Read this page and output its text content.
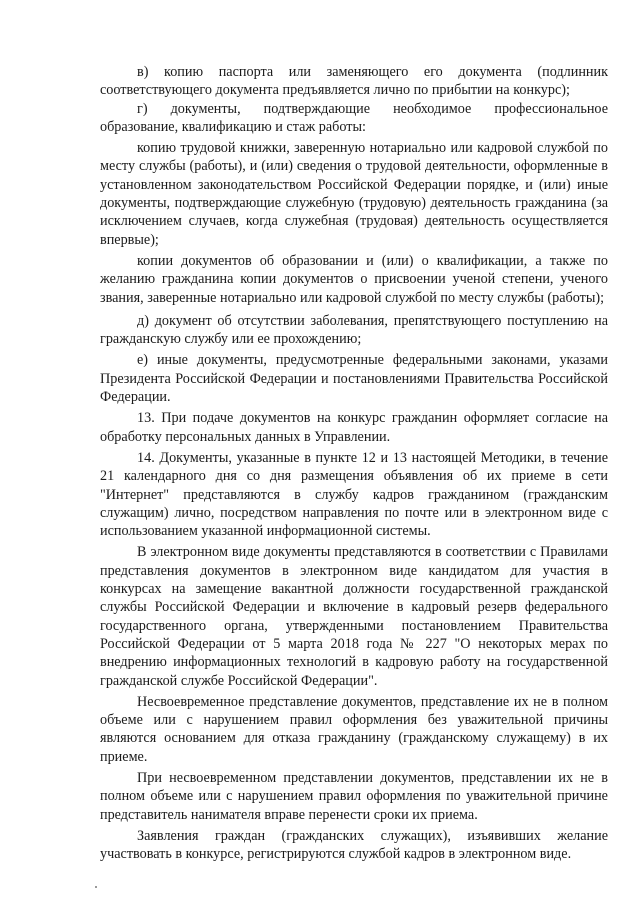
в) копию паспорта или заменяющего его документа (подлинник соответствующего документа предъявляется лично по прибытии на конкурс);

г) документы, подтверждающие необходимое профессиональное образование, квалификацию и стаж работы:

копию трудовой книжки, заверенную нотариально или кадровой службой по месту службы (работы), и (или) сведения о трудовой деятельности, оформленные в установленном законодательством Российской Федерации порядке, и (или) иные документы, подтверждающие служебную (трудовую) деятельность гражданина (за исключением случаев, когда служебная (трудовая) деятельность осуществляется впервые);

копии документов об образовании и (или) о квалификации, а также по желанию гражданина копии документов о присвоении ученой степени, ученого звания, заверенные нотариально или кадровой службой по месту службы (работы);

д) документ об отсутствии заболевания, препятствующего поступлению на гражданскую службу или ее прохождению;

е) иные документы, предусмотренные федеральными законами, указами Президента Российской Федерации и постановлениями Правительства Российской Федерации.

13. При подаче документов на конкурс гражданин оформляет согласие на обработку персональных данных в Управлении.

14. Документы, указанные в пункте 12 и 13 настоящей Методики, в течение 21 календарного дня со дня размещения объявления об их приеме в сети "Интернет" представляются в службу кадров гражданином (гражданским служащим) лично, посредством направления по почте или в электронном виде с использованием указанной информационной системы.

В электронном виде документы представляются в соответствии с Правилами представления документов в электронном виде кандидатом для участия в конкурсах на замещение вакантной должности государственной гражданской службы Российской Федерации и включение в кадровый резерв федерального государственного органа, утвержденными постановлением Правительства Российской Федерации от 5 марта 2018 года № 227 "О некоторых мерах по внедрению информационных технологий в кадровую работу на государственной гражданской службе Российской Федерации".

Несвоевременное представление документов, представление их не в полном объеме или с нарушением правил оформления без уважительной причины являются основанием для отказа гражданину (гражданскому служащему) в их приеме.

При несвоевременном представлении документов, представлении их не в полном объеме или с нарушением правил оформления по уважительной причине представитель нанимателя вправе перенести сроки их приема.

Заявления граждан (гражданских служащих), изъявивших желание участвовать в конкурсе, регистрируются службой кадров в электронном виде.
